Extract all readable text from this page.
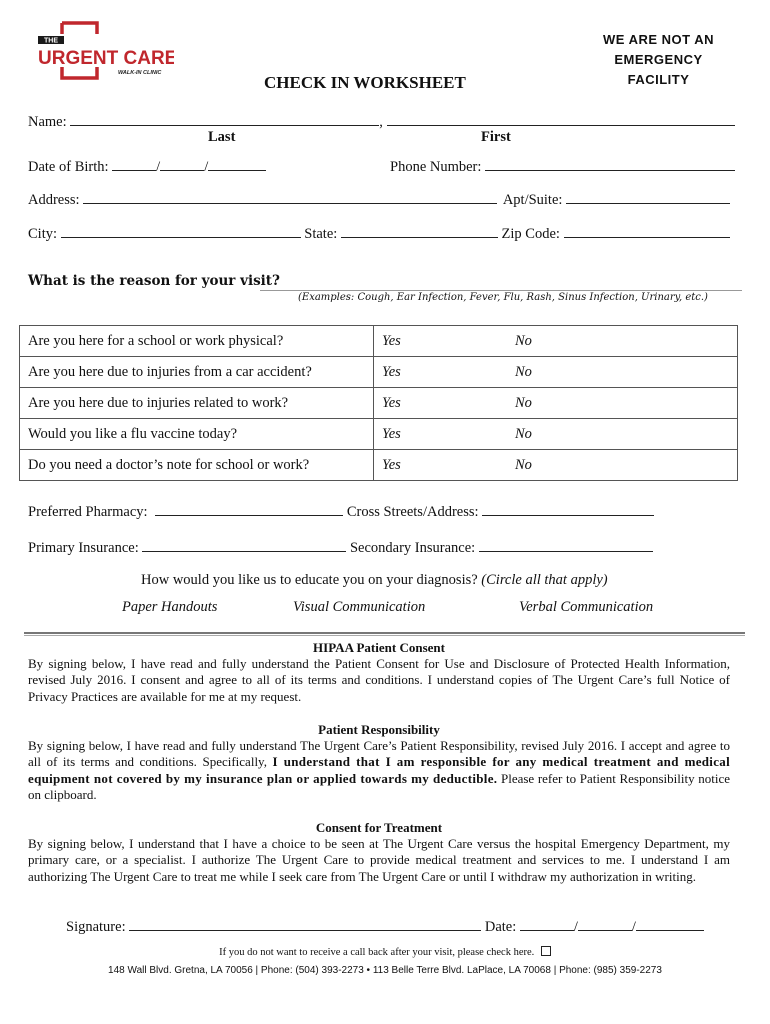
THE
URGENT CARE
WALK-IN CLINIC
WE ARE NOT AN
EMERGENCY
FACILITY
CHECK IN WORKSHEET
Name:	,
Last	First
Date of Birth:	/	/	Phone Number:
Address:	Apt/Suite:
City:	State:	Zip Code:
What is the reason for your visit?
(Examples: Cough, Ear Infection, Fever, Flu, Rash, Sinus Infection, Urinary, etc.)
Are you here for a school or work physical?	Yes	No
Are you here due to injuries from a car accident?	Yes	No
Are you here due to injuries related to work?	Yes	No
Would you like a flu vaccine today?	Yes	No
Do you need a doctor’s note for school or work?	Yes	No
Preferred Pharmacy:	Cross Streets/Address:
Primary Insurance:	Secondary Insurance:
How would you like us to educate you on your diagnosis? (Circle all that apply)
Paper Handouts	Visual Communication	Verbal Communication
HIPAA Patient Consent
By signing below, I have read and fully understand the Patient Consent for Use and Disclosure of Protected Health Information, revised July 2016. I consent and agree to all of its terms and conditions. I understand copies of The Urgent Care’s full Notice of Privacy Practices are available for me at my request.
Patient Responsibility
By signing below, I have read and fully understand The Urgent Care’s Patient Responsibility, revised July 2016. I accept and agree to all of its terms and conditions. Specifically, I understand that I am responsible for any medical treatment and medical equipment not covered by my insurance plan or applied towards my deductible. Please refer to Patient Responsibility notice on clipboard.
Consent for Treatment
By signing below, I understand that I have a choice to be seen at The Urgent Care versus the hospital Emergency Department, my primary care, or a specialist. I authorize The Urgent Care to provide medical treatment and services to me. I understand I am authorizing The Urgent Care to treat me while I seek care from The Urgent Care or until I withdraw my authorization in writing.
Signature:	Date:	/	/
If you do not want to receive a call back after your visit, please check here.
148 Wall Blvd. Gretna, LA 70056 | Phone: (504) 393-2273 • 113 Belle Terre Blvd. LaPlace, LA 70068 | Phone: (985) 359-2273
